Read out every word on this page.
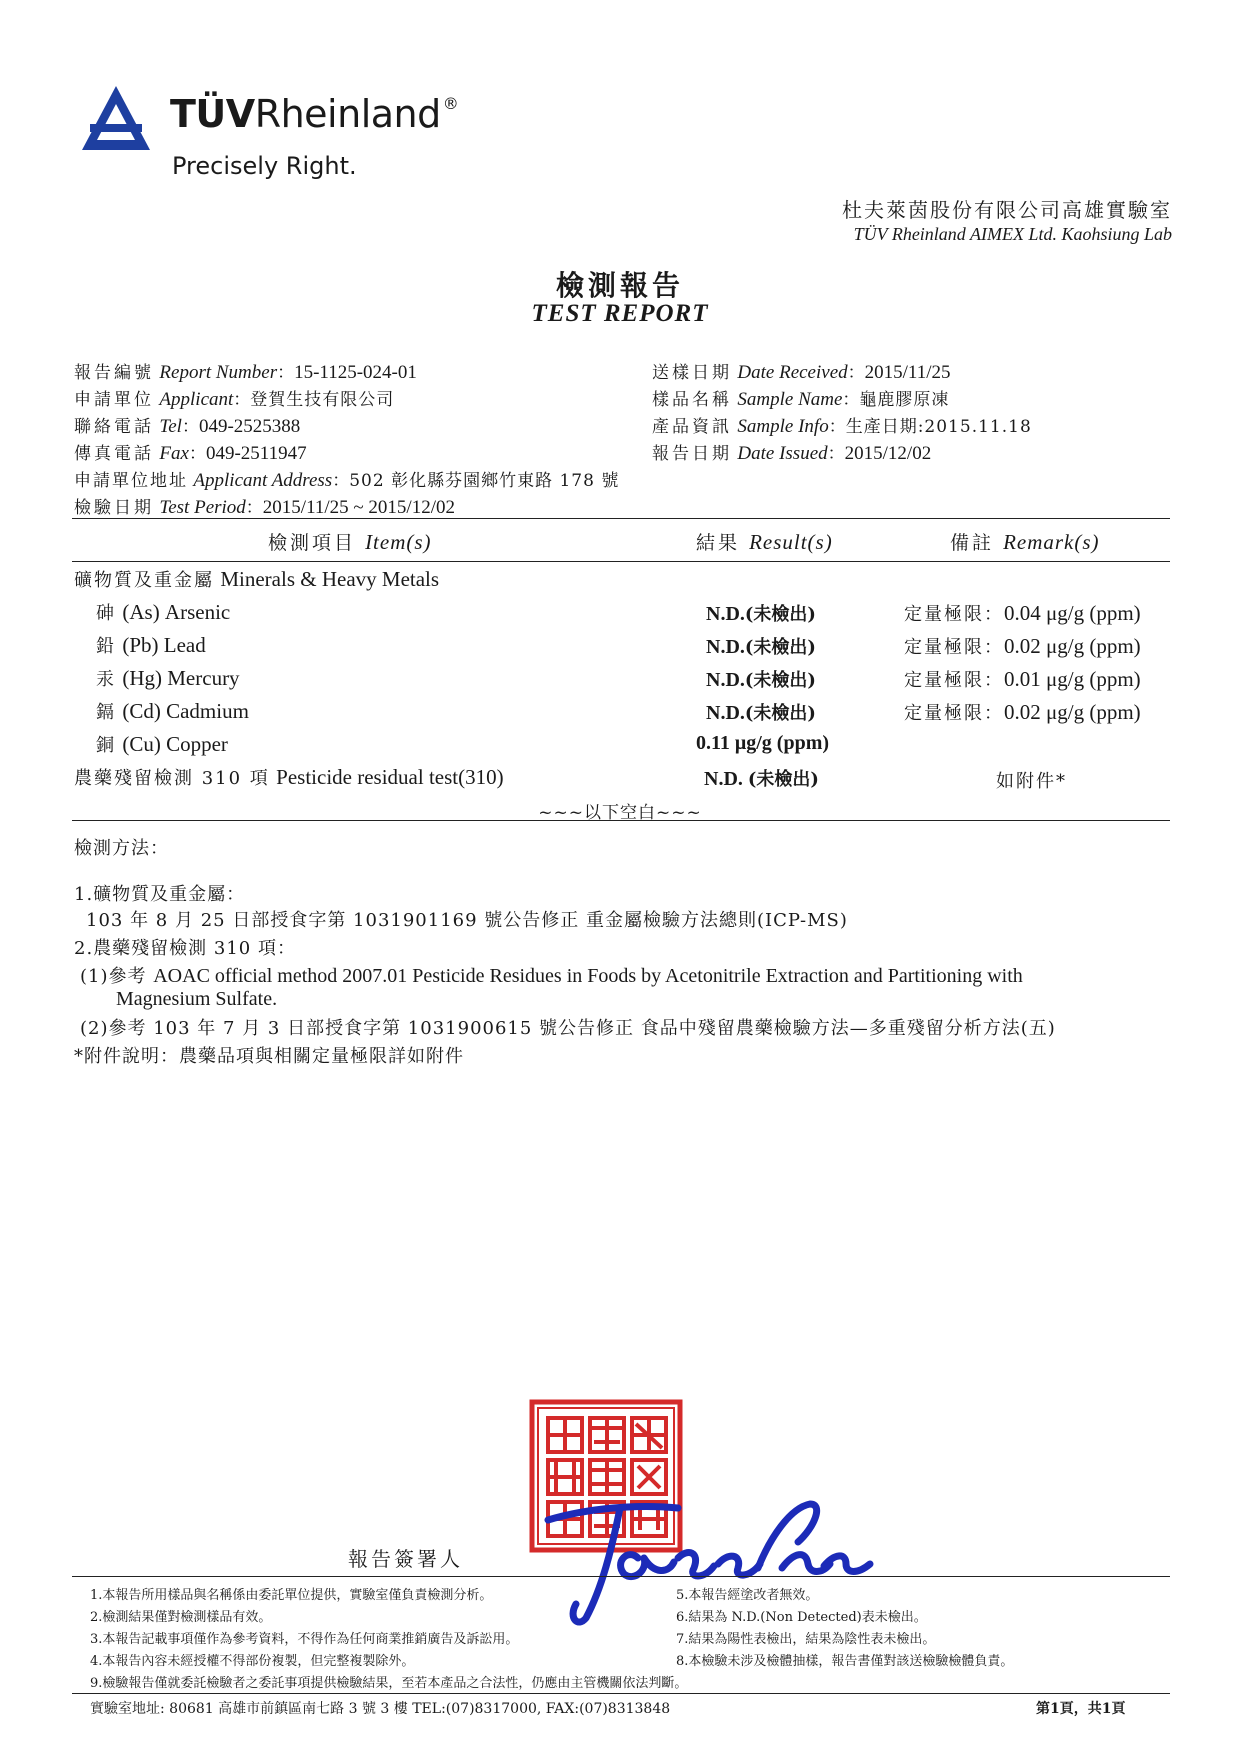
TÜVRheinland ®
Precisely Right.
杜夫萊茵股份有限公司高雄實驗室
TÜV Rheinland AIMEX Ltd. Kaohsiung Lab
檢測報告
TEST REPORT
報告編號 Report Number：15-1125-024-01
申請單位 Applicant：登賀生技有限公司
聯絡電話 Tel：049-2525388
傳真電話 Fax：049-2511947
申請單位地址 Applicant Address：502 彰化縣芬園鄉竹東路 178 號
檢驗日期 Test Period：2015/11/25 ~ 2015/12/02
送樣日期 Date Received：2015/11/25
樣品名稱 Sample Name：龜鹿膠原凍
產品資訊 Sample Info：生產日期:2015.11.18
報告日期 Date Issued：2015/12/02
檢測項目 Item(s)	結果 Result(s)	備註 Remark(s)
礦物質及重金屬 Minerals & Heavy Metals
砷 (As) Arsenic	N.D.(未檢出)	定量極限：0.04 μg/g (ppm)
鉛 (Pb) Lead	N.D.(未檢出)	定量極限：0.02 μg/g (ppm)
汞 (Hg) Mercury	N.D.(未檢出)	定量極限：0.01 μg/g (ppm)
鎘 (Cd) Cadmium	N.D.(未檢出)	定量極限：0.02 μg/g (ppm)
銅 (Cu) Copper	0.11 μg/g (ppm)
農藥殘留檢測 310 項 Pesticide residual test(310)	N.D. (未檢出)	如附件*
~~~以下空白~~~
檢測方法：
1.礦物質及重金屬：
103 年 8 月 25 日部授食字第 1031901169 號公告修正 重金屬檢驗方法總則(ICP-MS)
2.農藥殘留檢測 310 項：
(1)參考 AOAC official method 2007.01 Pesticide Residues in Foods by Acetonitrile Extraction and Partitioning with
Magnesium Sulfate.
(2)參考 103 年 7 月 3 日部授食字第 1031900615 號公告修正 食品中殘留農藥檢驗方法—多重殘留分析方法(五)
*附件說明：農藥品項與相關定量極限詳如附件
報告簽署人
1.本報告所用樣品與名稱係由委託單位提供，實驗室僅負責檢測分析。
2.檢測結果僅對檢測樣品有效。
3.本報告記載事項僅作為參考資料，不得作為任何商業推銷廣告及訴訟用。
4.本報告內容未經授權不得部份複製，但完整複製除外。
5.本報告經塗改者無效。
6.結果為 N.D.(Non Detected)表未檢出。
7.結果為陽性表檢出，結果為陰性表未檢出。
8.本檢驗未涉及檢體抽樣，報告書僅對該送檢驗檢體負責。
9.檢驗報告僅就委託檢驗者之委託事項提供檢驗結果，至若本產品之合法性，仍應由主管機關依法判斷。
實驗室地址: 80681 高雄市前鎮區南七路 3 號 3 樓 TEL:(07)8317000, FAX:(07)8313848	第1頁，共1頁
